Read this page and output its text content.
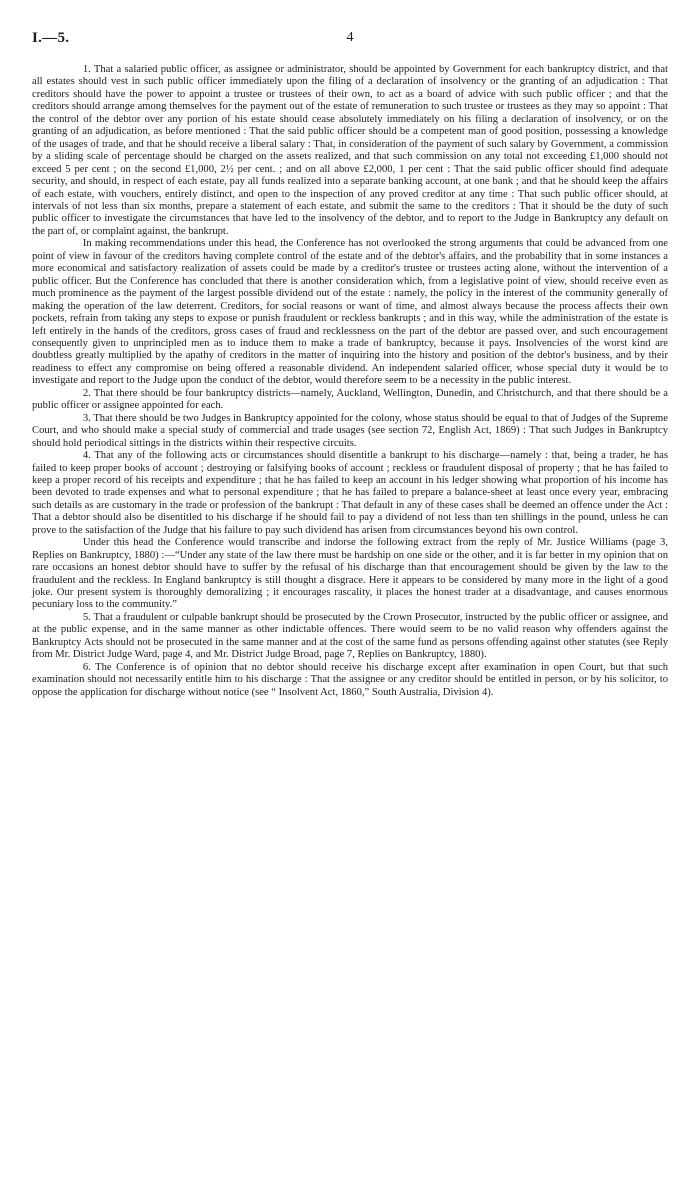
I.—5.	4

1. That a salaried public officer, as assignee or administrator, should be appointed by Government for each bankruptcy district, and that all estates should vest in such public officer immediately upon the filing of a declaration of insolvency or the granting of an adjudication : That creditors should have the power to appoint a trustee or trustees of their own, to act as a board of advice with such public officer ; and that the creditors should arrange among themselves for the payment out of the estate of remuneration to such trustee or trustees as they may so appoint : That the control of the debtor over any portion of his estate should cease absolutely immediately on his filing a declaration of insolvency, or on the granting of an adjudication, as before mentioned : That the said public officer should be a competent man of good position, possessing a knowledge of the usages of trade, and that he should receive a liberal salary : That, in consideration of the payment of such salary by Government, a commission by a sliding scale of percentage should be charged on the assets realized, and that such commission on any total not exceeding £1,000 should not exceed 5 per cent ; on the second £1,000, 2½ per cent. ; and on all above £2,000, 1 per cent : That the said public officer should find adequate security, and should, in respect of each estate, pay all funds realized into a separate banking account, at one bank ; and that he should keep the affairs of each estate, with vouchers, entirely distinct, and open to the inspection of any proved creditor at any time : That such public officer should, at intervals of not less than six months, prepare a statement of each estate, and submit the same to the creditors : That it should be the duty of such public officer to investigate the circumstances that have led to the insolvency of the debtor, and to report to the Judge in Bankruptcy any default on the part of, or complaint against, the bankrupt.

In making recommendations under this head, the Conference has not overlooked the strong arguments that could be advanced from one point of view in favour of the creditors having complete control of the estate and of the debtor's affairs, and the probability that in some instances a more economical and satisfactory realization of assets could be made by a creditor's trustee or trustees acting alone, without the intervention of a public officer. But the Conference has concluded that there is another consideration which, from a legislative point of view, should receive even as much prominence as the payment of the largest possible dividend out of the estate : namely, the policy in the interest of the community generally of making the operation of the law deterrent. Creditors, for social reasons or want of time, and almost always because the process affects their own pockets, refrain from taking any steps to expose or punish fraudulent or reckless bankrupts ; and in this way, while the administration of the estate is left entirely in the hands of the creditors, gross cases of fraud and recklessness on the part of the debtor are passed over, and such encouragement consequently given to unprincipled men as to induce them to make a trade of bankruptcy, because it pays. Insolvencies of the worst kind are doubtless greatly multiplied by the apathy of creditors in the matter of inquiring into the history and position of the debtor's business, and by their readiness to effect any compromise on being offered a reasonable dividend. An independent salaried officer, whose special duty it would be to investigate and report to the Judge upon the conduct of the debtor, would therefore seem to be a necessity in the public interest.

2. That there should be four bankruptcy districts—namely, Auckland, Wellington, Dunedin, and Christchurch, and that there should be a public officer or assignee appointed for each.

3. That there should be two Judges in Bankruptcy appointed for the colony, whose status should be equal to that of Judges of the Supreme Court, and who should make a special study of commercial and trade usages (see section 72, English Act, 1869) : That such Judges in Bankruptcy should hold periodical sittings in the districts within their respective circuits.

4. That any of the following acts or circumstances should disentitle a bankrupt to his discharge—namely : that, being a trader, he has failed to keep proper books of account ; destroying or falsifying books of account ; reckless or fraudulent disposal of property ; that he has failed to keep a proper record of his receipts and expenditure ; that he has failed to keep an account in his ledger showing what proportion of his income has been devoted to trade expenses and what to personal expenditure ; that he has failed to prepare a balance-sheet at least once every year, embracing such details as are customary in the trade or profession of the bankrupt : That default in any of these cases shall be deemed an offence under the Act : That a debtor should also be disentitled to his discharge if he should fail to pay a dividend of not less than ten shillings in the pound, unless he can prove to the satisfaction of the Judge that his failure to pay such dividend has arisen from circumstances beyond his own control.

Under this head the Conference would transcribe and indorse the following extract from the reply of Mr. Justice Williams (page 3, Replies on Bankruptcy, 1880) :—“Under any state of the law there must be hardship on one side or the other, and it is far better in my opinion that on rare occasions an honest debtor should have to suffer by the refusal of his discharge than that encouragement should be given by the law to the fraudulent and the reckless. In England bankruptcy is still thought a disgrace. Here it appears to be considered by many more in the light of a good joke. Our present system is thoroughly demoralizing ; it encourages rascality, it places the honest trader at a disadvantage, and causes enormous pecuniary loss to the community.”

5. That a fraudulent or culpable bankrupt should be prosecuted by the Crown Prosecutor, instructed by the public officer or assignee, and at the public expense, and in the same manner as other indictable offences. There would seem to be no valid reason why offenders against the Bankruptcy Acts should not be prosecuted in the same manner and at the cost of the same fund as persons offending against other statutes (see Reply from Mr. District Judge Ward, page 4, and Mr. District Judge Broad, page 7, Replies on Bankruptcy, 1880).

6. The Conference is of opinion that no debtor should receive his discharge except after examination in open Court, but that such examination should not necessarily entitle him to his discharge : That the assignee or any creditor should be entitled in person, or by his solicitor, to oppose the application for discharge without notice (see “ Insolvent Act, 1860,” South Australia, Division 4).
